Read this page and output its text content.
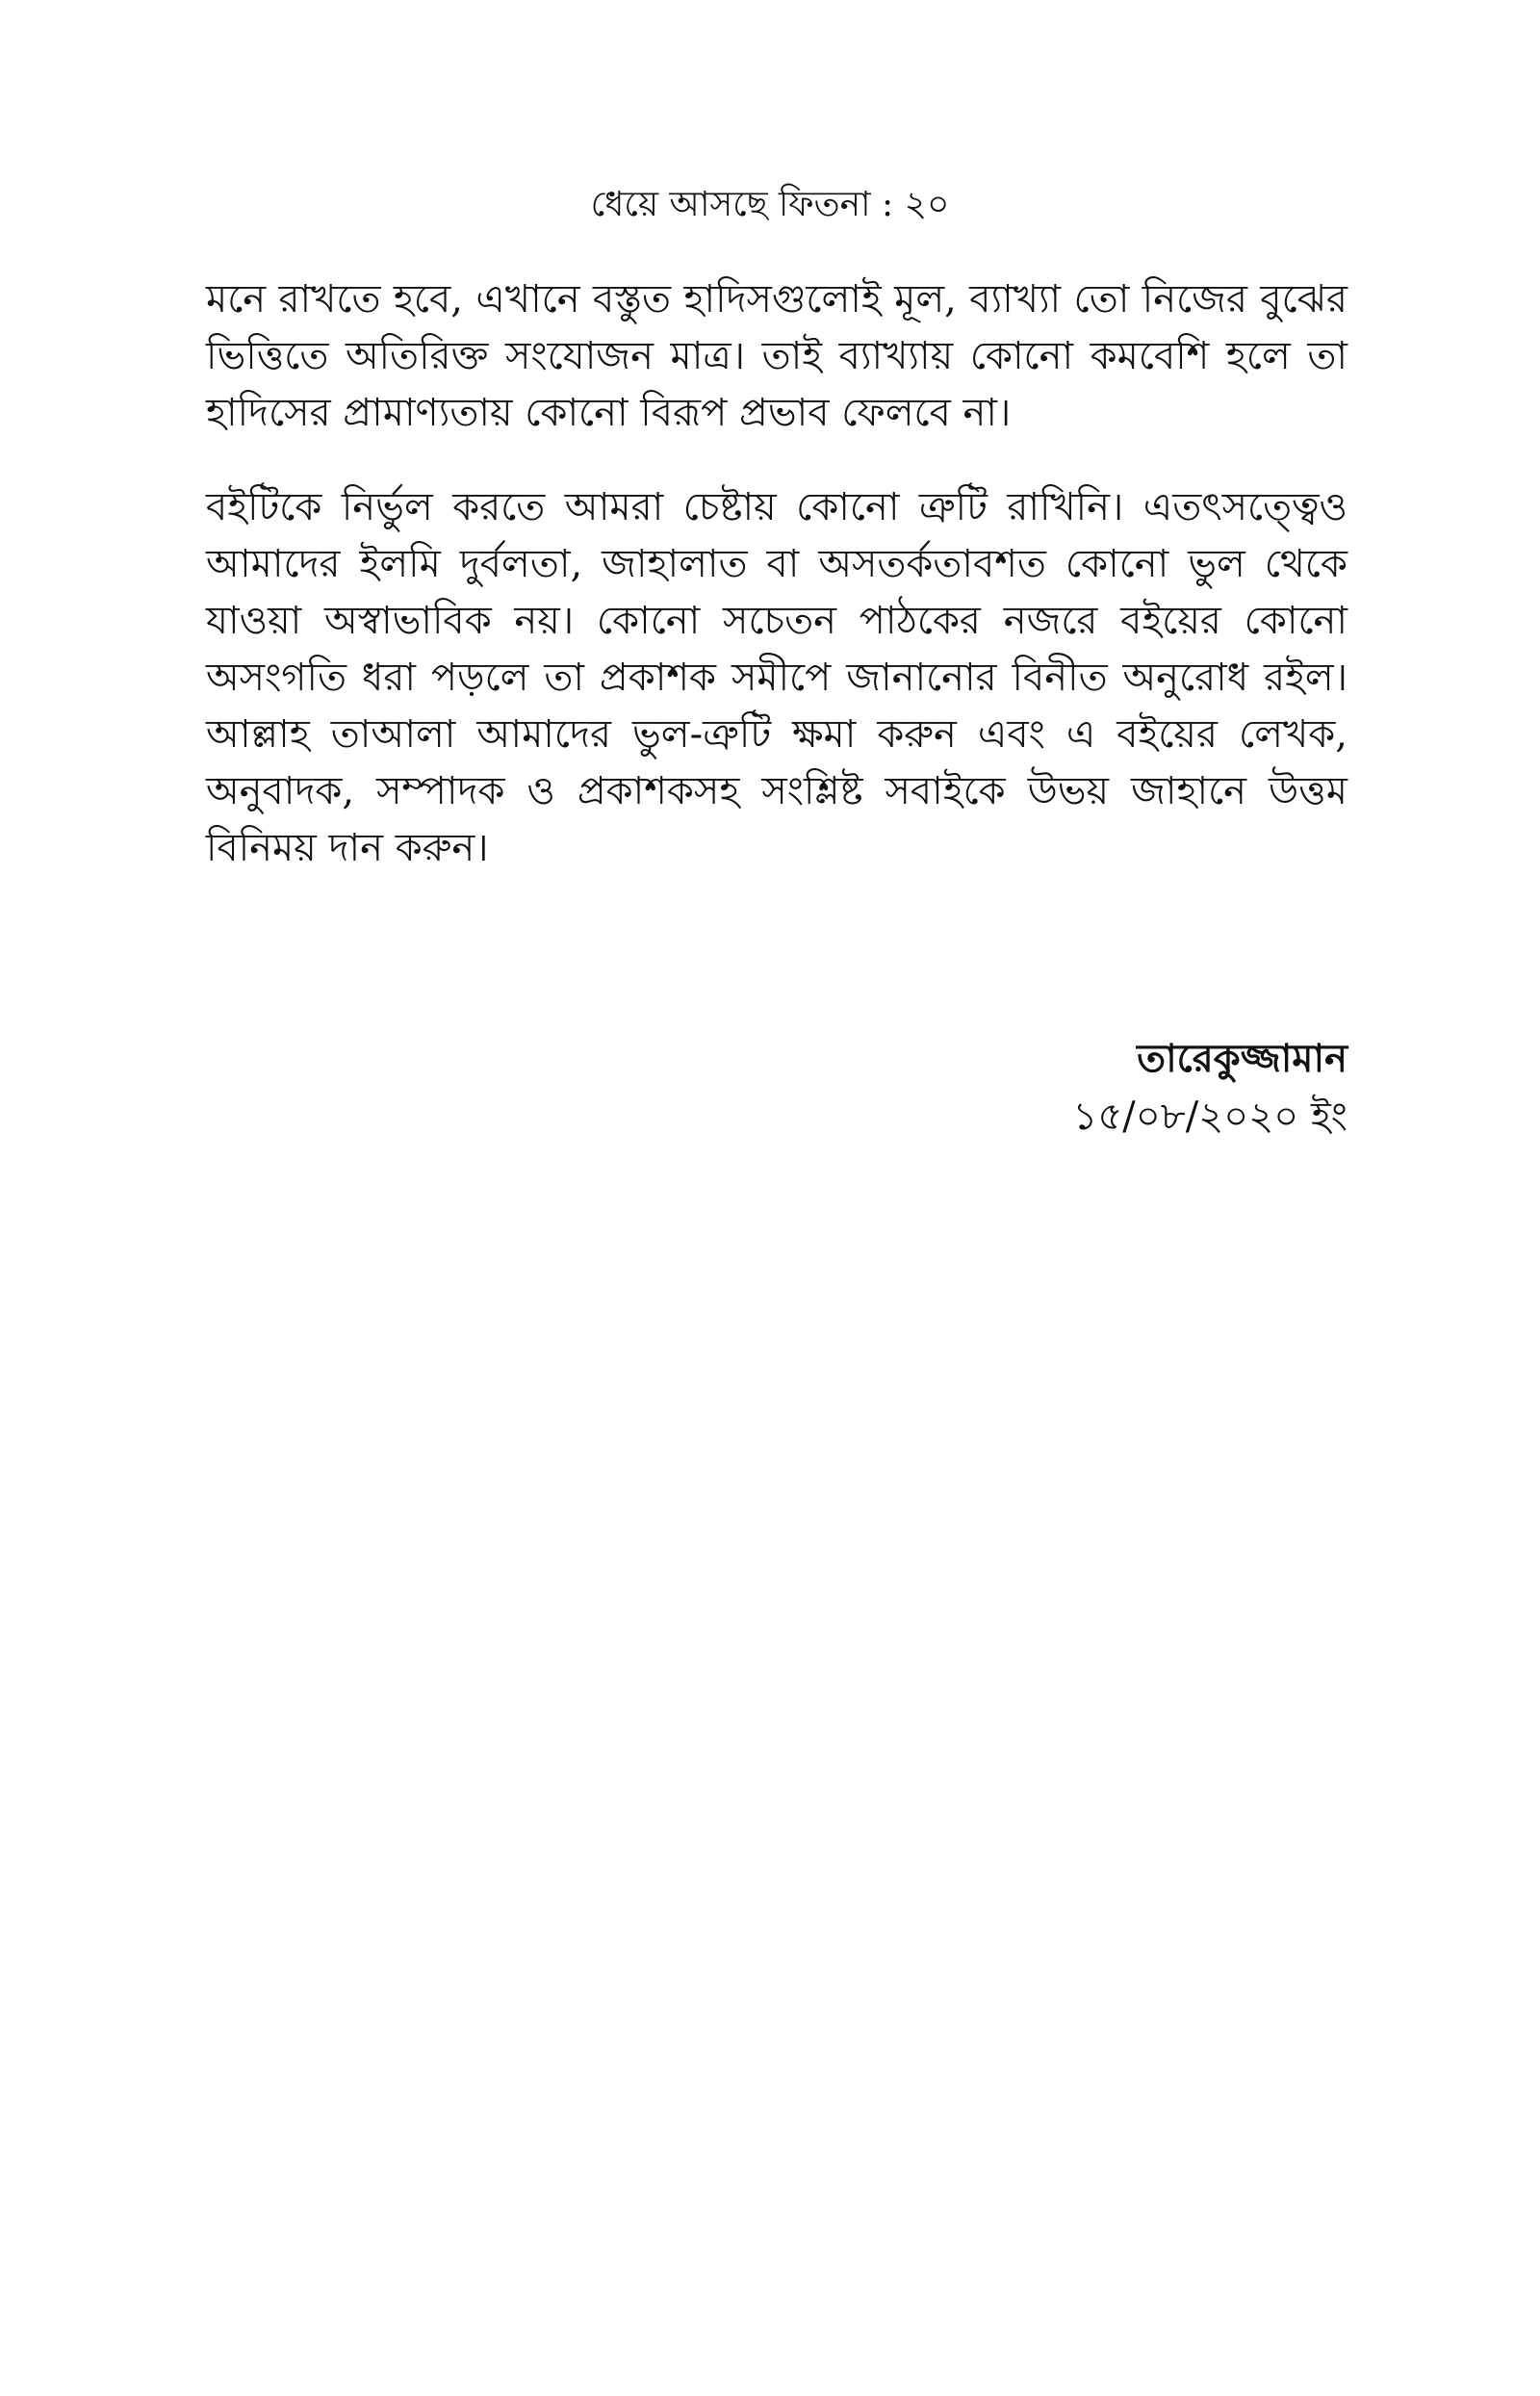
ধেয়ে আসছে ফিতনা : ২০

মনে রাখতে হবে, এখানে বস্তুত হাদিসগুলোই মূল, ব্যাখ্যা তো নিজের বুঝের ভিত্তিতে অতিরিক্ত সংযোজন মাত্র। তাই ব্যাখ্যায় কোনো কমবেশি হলে তা হাদিসের প্রামাণ্যতায় কোনো বিরূপ প্রভাব ফেলবে না।

বইটিকে নির্ভুল করতে আমরা চেষ্টায় কোনো ত্রুটি রাখিনি। এতৎসত্ত্বেও আমাদের ইলমি দুর্বলতা, জাহালাত বা অসতর্কতাবশত কোনো ভুল থেকে যাওয়া অস্বাভাবিক নয়। কোনো সচেতন পাঠকের নজরে বইয়ের কোনো অসংগতি ধরা পড়লে তা প্রকাশক সমীপে জানানোর বিনীত অনুরোধ রইল। আল্লাহ তাআলা আমাদের ভুল-ত্রুটি ক্ষমা করুন এবং এ বইয়ের লেখক, অনুবাদক, সম্পাদক ও প্রকাশকসহ সংশ্লিষ্ট সবাইকে উভয় জাহানে উত্তম বিনিময় দান করুন।

তারেকুজ্জামান
১৫/০৮/২০২০ ইং
